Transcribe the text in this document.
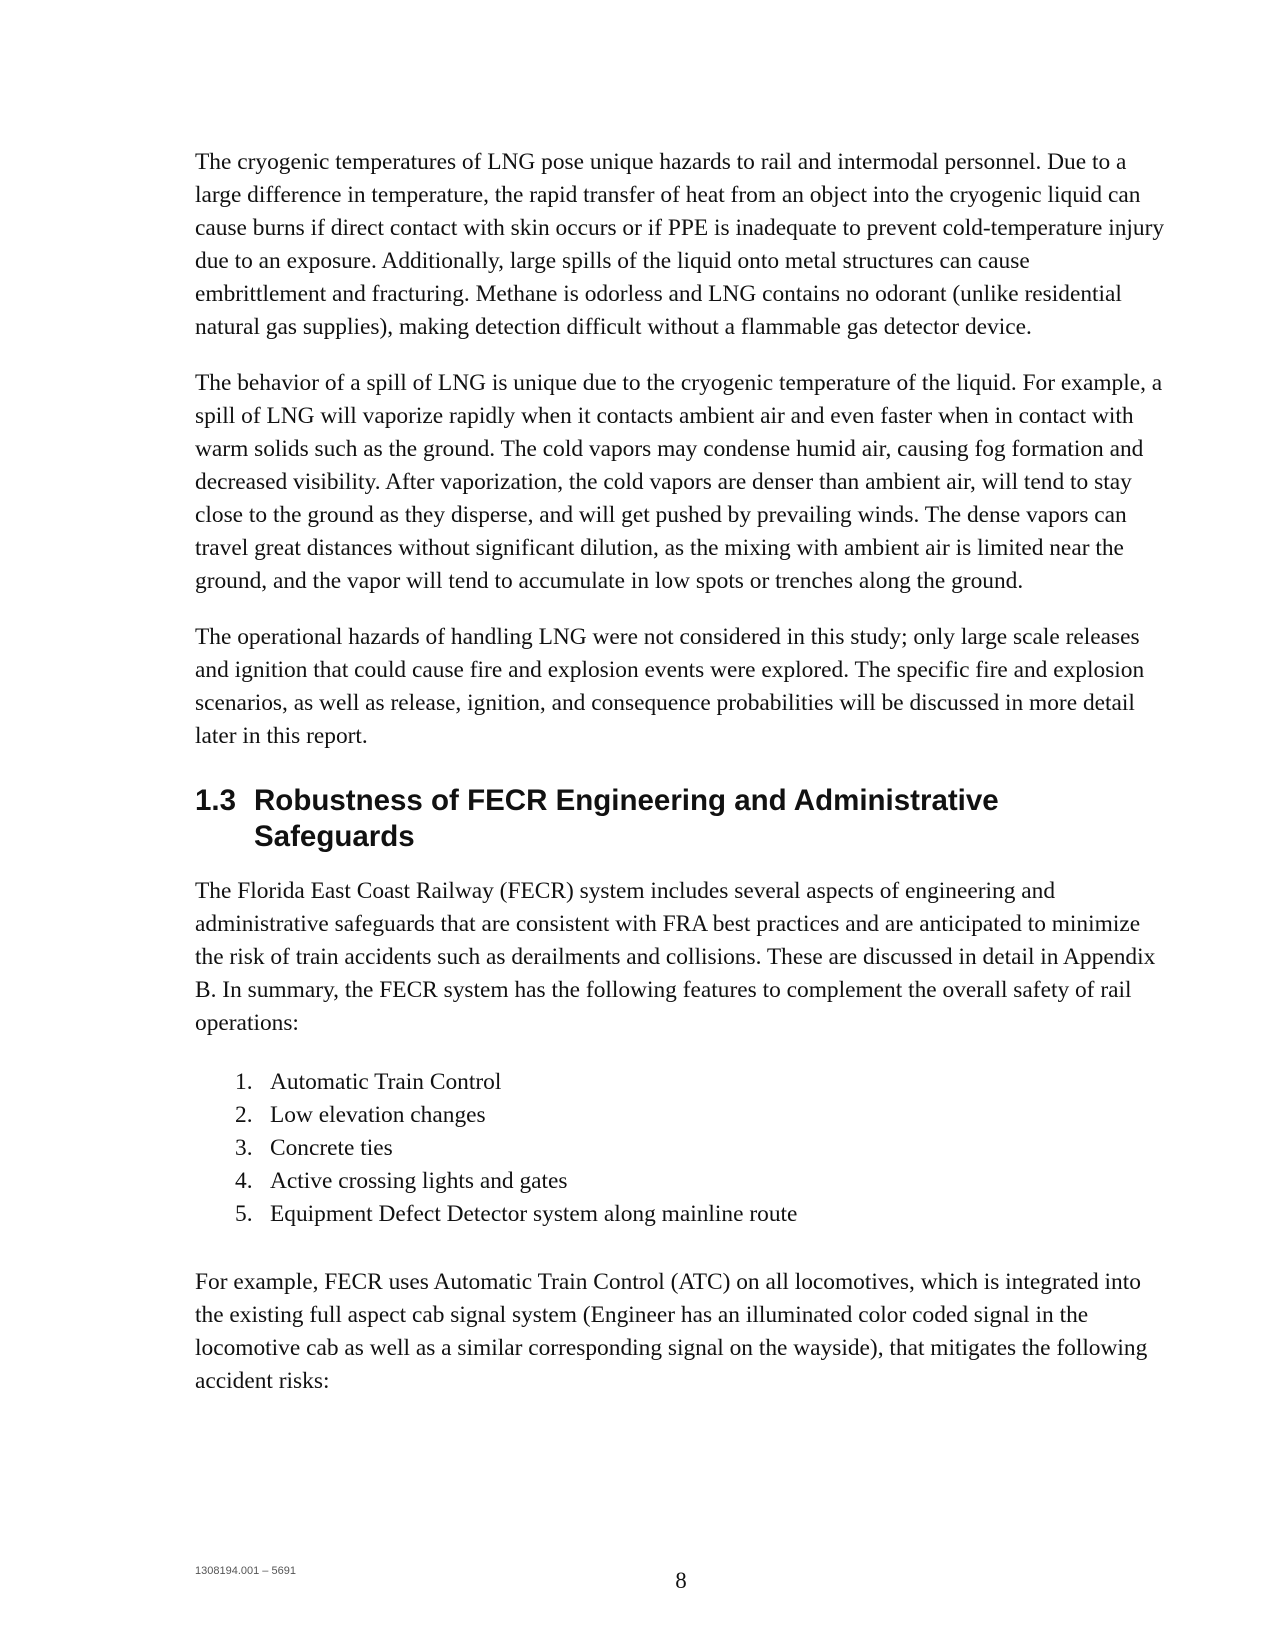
The cryogenic temperatures of LNG pose unique hazards to rail and intermodal personnel. Due to a large difference in temperature, the rapid transfer of heat from an object into the cryogenic liquid can cause burns if direct contact with skin occurs or if PPE is inadequate to prevent cold-temperature injury due to an exposure. Additionally, large spills of the liquid onto metal structures can cause embrittlement and fracturing. Methane is odorless and LNG contains no odorant (unlike residential natural gas supplies), making detection difficult without a flammable gas detector device.

The behavior of a spill of LNG is unique due to the cryogenic temperature of the liquid. For example, a spill of LNG will vaporize rapidly when it contacts ambient air and even faster when in contact with warm solids such as the ground. The cold vapors may condense humid air, causing fog formation and decreased visibility. After vaporization, the cold vapors are denser than ambient air, will tend to stay close to the ground as they disperse, and will get pushed by prevailing winds. The dense vapors can travel great distances without significant dilution, as the mixing with ambient air is limited near the ground, and the vapor will tend to accumulate in low spots or trenches along the ground.

The operational hazards of handling LNG were not considered in this study; only large scale releases and ignition that could cause fire and explosion events were explored. The specific fire and explosion scenarios, as well as release, ignition, and consequence probabilities will be discussed in more detail later in this report.

1.3 Robustness of FECR Engineering and Administrative Safeguards

The Florida East Coast Railway (FECR) system includes several aspects of engineering and administrative safeguards that are consistent with FRA best practices and are anticipated to minimize the risk of train accidents such as derailments and collisions. These are discussed in detail in Appendix B. In summary, the FECR system has the following features to complement the overall safety of rail operations:

1. Automatic Train Control
2. Low elevation changes
3. Concrete ties
4. Active crossing lights and gates
5. Equipment Defect Detector system along mainline route

For example, FECR uses Automatic Train Control (ATC) on all locomotives, which is integrated into the existing full aspect cab signal system (Engineer has an illuminated color coded signal in the locomotive cab as well as a similar corresponding signal on the wayside), that mitigates the following accident risks:

1308194.001 – 5691	8
